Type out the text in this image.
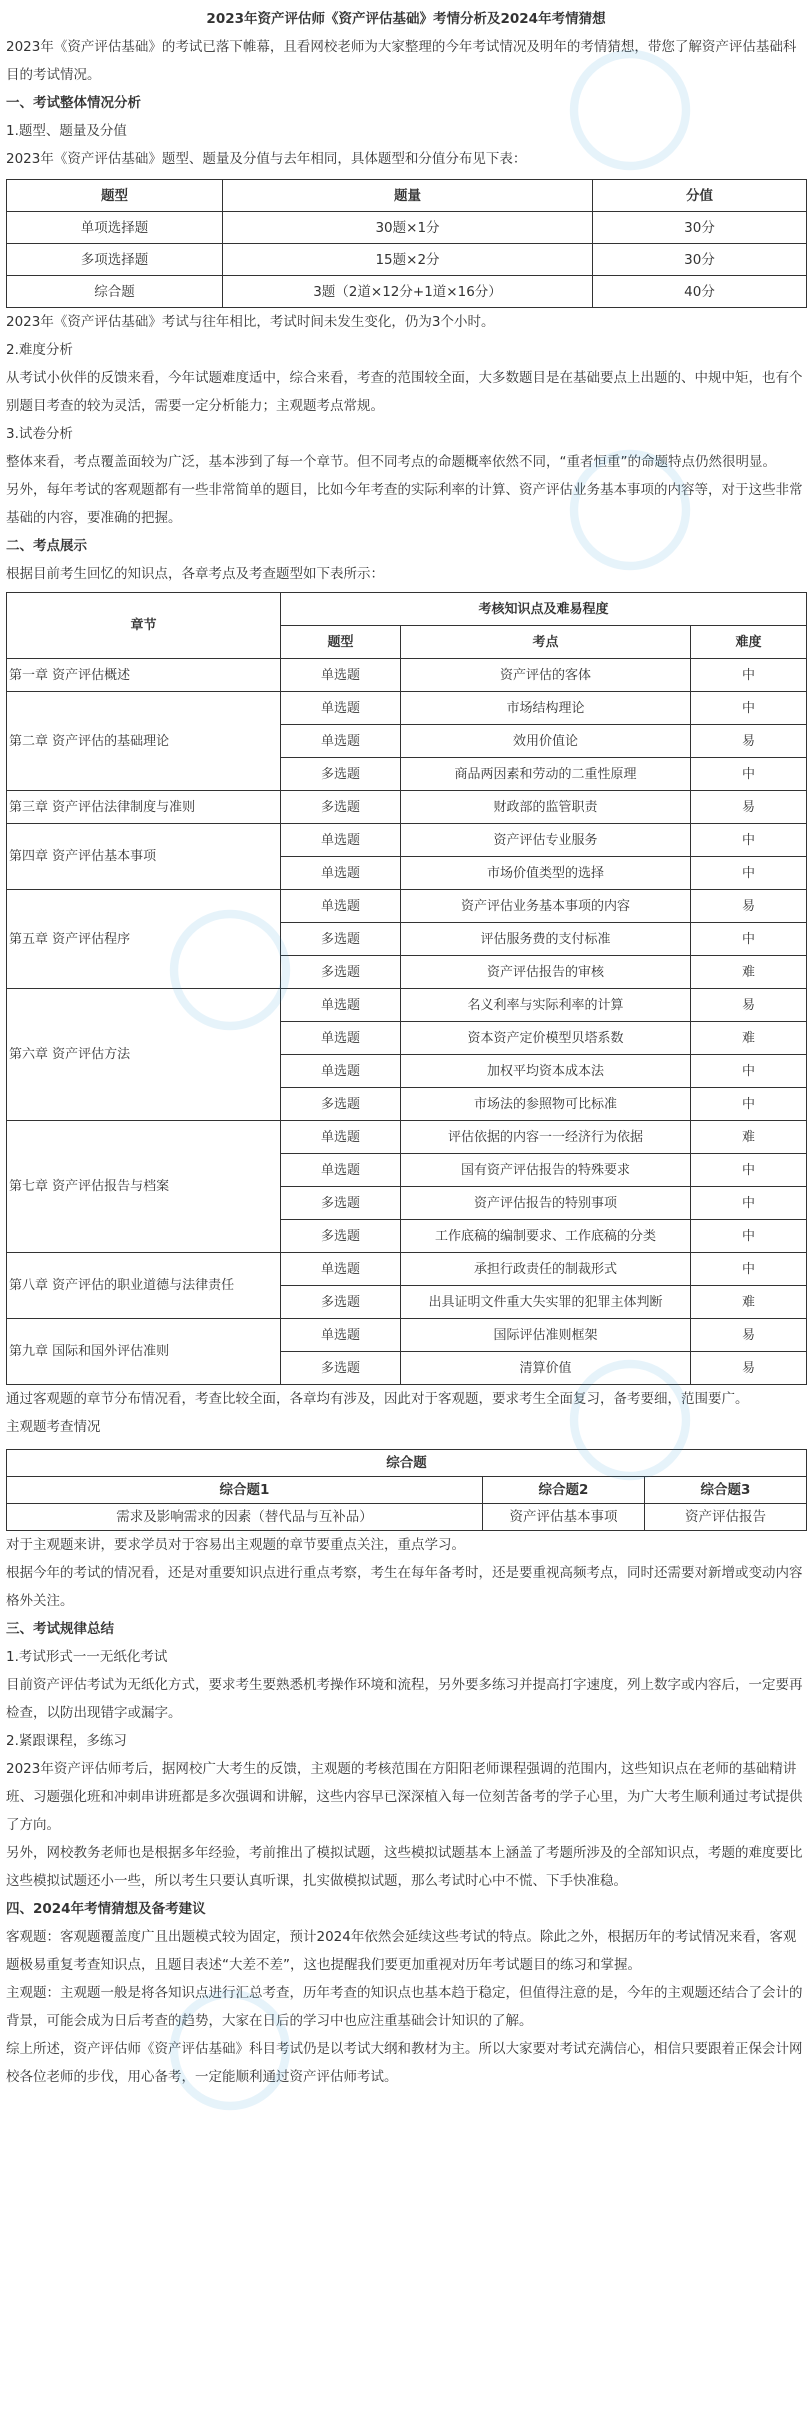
2023年资产评估师《资产评估基础》考情分析及2024年考情猜想

2023年《资产评估基础》的考试已落下帷幕，且看网校老师为大家整理的今年考试情况及明年的考情猜想，带您了解资产评估基础科目的考试情况。

一、考试整体情况分析

1.题型、题量及分值

2023年《资产评估基础》题型、题量及分值与去年相同，具体题型和分值分布见下表：

题型	题量	分值
单项选择题	30题×1分	30分
多项选择题	15题×2分	30分
综合题	3题（2道×12分+1道×16分）	40分

2023年《资产评估基础》考试与往年相比，考试时间未发生变化，仍为3个小时。

2.难度分析

从考试小伙伴的反馈来看，今年试题难度适中，综合来看，考查的范围较全面，大多数题目是在基础要点上出题的、中规中矩，也有个别题目考查的较为灵活，需要一定分析能力；主观题考点常规。

3.试卷分析

整体来看，考点覆盖面较为广泛，基本涉到了每一个章节。但不同考点的命题概率依然不同，“重者恒重”的命题特点仍然很明显。

另外，每年考试的客观题都有一些非常简单的题目，比如今年考查的实际利率的计算、资产评估业务基本事项的内容等，对于这些非常基础的内容，要准确的把握。

二、考点展示

根据目前考生回忆的知识点，各章考点及考查题型如下表所示：

章节	考核知识点及难易程度		
	题型	考点	难度
第一章 资产评估概述	单选题	资产评估的客体	中
第二章 资产评估的基础理论	单选题	市场结构理论	中
	单选题	效用价值论	易
	多选题	商品两因素和劳动的二重性原理	中
第三章 资产评估法律制度与准则	多选题	财政部的监管职责	易
第四章 资产评估基本事项	单选题	资产评估专业服务	中
	单选题	市场价值类型的选择	中
第五章 资产评估程序	单选题	资产评估业务基本事项的内容	易
	多选题	评估服务费的支付标准	中
	多选题	资产评估报告的审核	难
第六章 资产评估方法	单选题	名义利率与实际利率的计算	易
	单选题	资本资产定价模型贝塔系数	难
	单选题	加权平均资本成本法	中
	多选题	市场法的参照物可比标准	中
第七章 资产评估报告与档案	单选题	评估依据的内容一一经济行为依据	难
	单选题	国有资产评估报告的特殊要求	中
	多选题	资产评估报告的特别事项	中
	多选题	工作底稿的编制要求、工作底稿的分类	中
第八章 资产评估的职业道德与法律责任	单选题	承担行政责任的制裁形式	中
	多选题	出具证明文件重大失实罪的犯罪主体判断	难
第九章 国际和国外评估准则	单选题	国际评估准则框架	易
	多选题	清算价值	易

通过客观题的章节分布情况看，考查比较全面，各章均有涉及，因此对于客观题，要求考生全面复习，备考要细，范围要广。

主观题考查情况

综合题		
综合题1	综合题2	综合题3
需求及影响需求的因素（替代品与互补品）	资产评估基本事项	资产评估报告

对于主观题来讲，要求学员对于容易出主观题的章节要重点关注，重点学习。

根据今年的考试的情况看，还是对重要知识点进行重点考察，考生在每年备考时，还是要重视高频考点，同时还需要对新增或变动内容格外关注。

三、考试规律总结

1.考试形式一一无纸化考试

目前资产评估考试为无纸化方式，要求考生要熟悉机考操作环境和流程，另外要多练习并提高打字速度，列上数字或内容后，一定要再检查，以防出现错字或漏字。

2.紧跟课程，多练习

2023年资产评估师考后，据网校广大考生的反馈，主观题的考核范围在方阳阳老师课程强调的范围内，这些知识点在老师的基础精讲班、习题强化班和冲刺串讲班都是多次强调和讲解，这些内容早已深深植入每一位刻苦备考的学子心里，为广大考生顺利通过考试提供了方向。

另外，网校教务老师也是根据多年经验，考前推出了模拟试题，这些模拟试题基本上涵盖了考题所涉及的全部知识点，考题的难度要比这些模拟试题还小一些，所以考生只要认真听课，扎实做模拟试题，那么考试时心中不慌、下手快准稳。

四、2024年考情猜想及备考建议

客观题：客观题覆盖度广且出题模式较为固定，预计2024年依然会延续这些考试的特点。除此之外，根据历年的考试情况来看，客观题极易重复考查知识点，且题目表述“大差不差”，这也提醒我们要更加重视对历年考试题目的练习和掌握。

主观题：主观题一般是将各知识点进行汇总考查，历年考查的知识点也基本趋于稳定，但值得注意的是，今年的主观题还结合了会计的背景，可能会成为日后考查的趋势，大家在日后的学习中也应注重基础会计知识的了解。

综上所述，资产评估师《资产评估基础》科目考试仍是以考试大纲和教材为主。所以大家要对考试充满信心，相信只要跟着正保会计网校各位老师的步伐，用心备考，一定能顺利通过资产评估师考试。
